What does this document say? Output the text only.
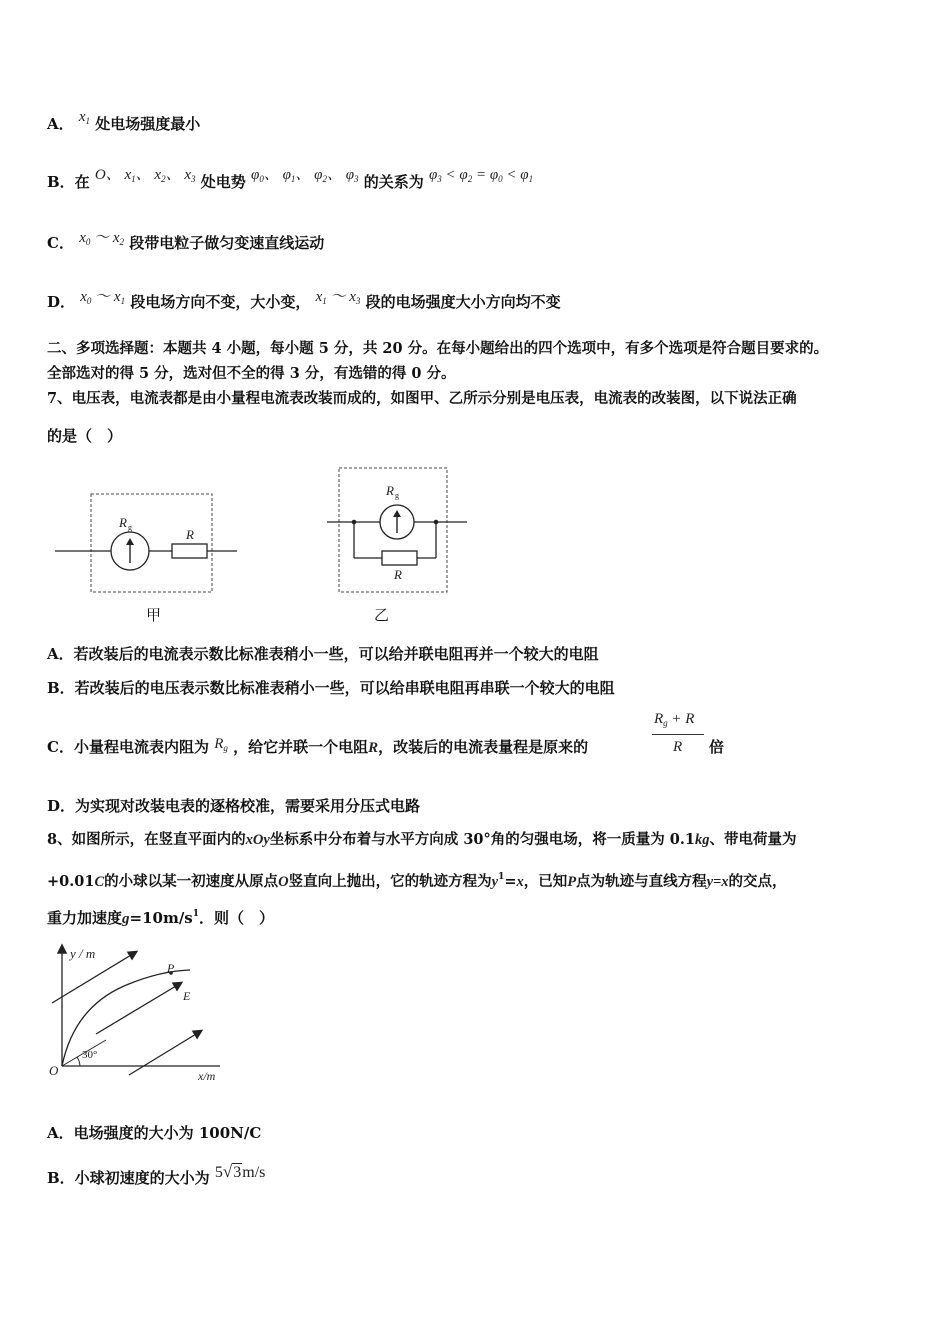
A． $x_1$ 处电场强度最小
B．在 O、 $x_1$、 $x_2$、 $x_3$ 处电势 $\varphi_0$、 $\varphi_1$、 $\varphi_2$、 $\varphi_3$ 的关系为 $\varphi_3 < \varphi_2 = \varphi_0 < \varphi_1$
C． $x_0$ ～ $x_2$ 段带电粒子做匀变速直线运动
D． $x_0$ ～ $x_1$ 段电场方向不变，大小变， $x_1$ ～ $x_3$ 段的电场强度大小方向均不变
二、多项选择题：本题共 4 小题，每小题 5 分，共 20 分。在每小题给出的四个选项中，有多个选项是符合题目要求的。
全部选对的得 5 分，选对但不全的得 3 分，有选错的得 0 分。
7、电压表，电流表都是由小量程电流表改装而成的，如图甲、乙所示分别是电压表，电流表的改装图，以下说法正确
的是（　）
R g	R
甲
R g
R
乙
A．若改装后的电流表示数比标准表稍小一些，可以给并联电阻再并一个较大的电阻
B．若改装后的电压表示数比标准表稍小一些，可以给串联电阻再串联一个较大的电阻
C．小量程电流表内阻为 $R_g$ ，给它并联一个电阻R，改装后的电流表量程是原来的
$R_g + R$
R 倍
D．为实现对改装电表的逐格校准，需要采用分压式电路
8、如图所示，在竖直平面内的xOy坐标系中分布着与水平方向成 30°角的匀强电场，将一质量为 0.1kg、带电荷量为
+0.01C的小球以某一初速度从原点O竖直向上抛出，它的轨迹方程为$y^1=x$，已知P点为轨迹与直线方程y=x的交点，
重力加速度$g=10m/s^1$．则（　）
y / m
P
E
30°
O	x/m
A．电场强度的大小为 100N/C
B．小球初速度的大小为 5√3m/s
